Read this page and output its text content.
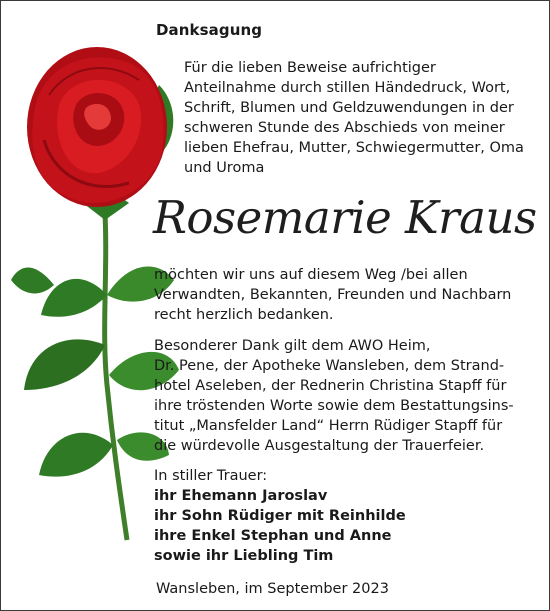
Danksagung
Für die lieben Beweise aufrichtiger
Anteilnahme durch stillen Händedruck, Wort,
Schrift, Blumen und Geldzuwendungen in der
schweren Stunde des Abschieds von meiner
lieben Ehefrau, Mutter, Schwiegermutter, Oma
und Uroma
Rosemarie Kraus
möchten wir uns auf diesem Weg /bei allen
Verwandten, Bekannten, Freunden und Nachbarn
recht herzlich bedanken.
Besonderer Dank gilt dem AWO Heim,
Dr. Pene, der Apotheke Wansleben, dem Strand-
hotel Aseleben, der Rednerin Christina Stapff für
ihre tröstenden Worte sowie dem Bestattungsins-
titut „Mansfelder Land“ Herrn Rüdiger Stapff für
die würdevolle Ausgestaltung der Trauerfeier.
In stiller Trauer:
ihr Ehemann Jaroslav
ihr Sohn Rüdiger mit Reinhilde
ihre Enkel Stephan und Anne
sowie ihr Liebling Tim
Wansleben, im September 2023
